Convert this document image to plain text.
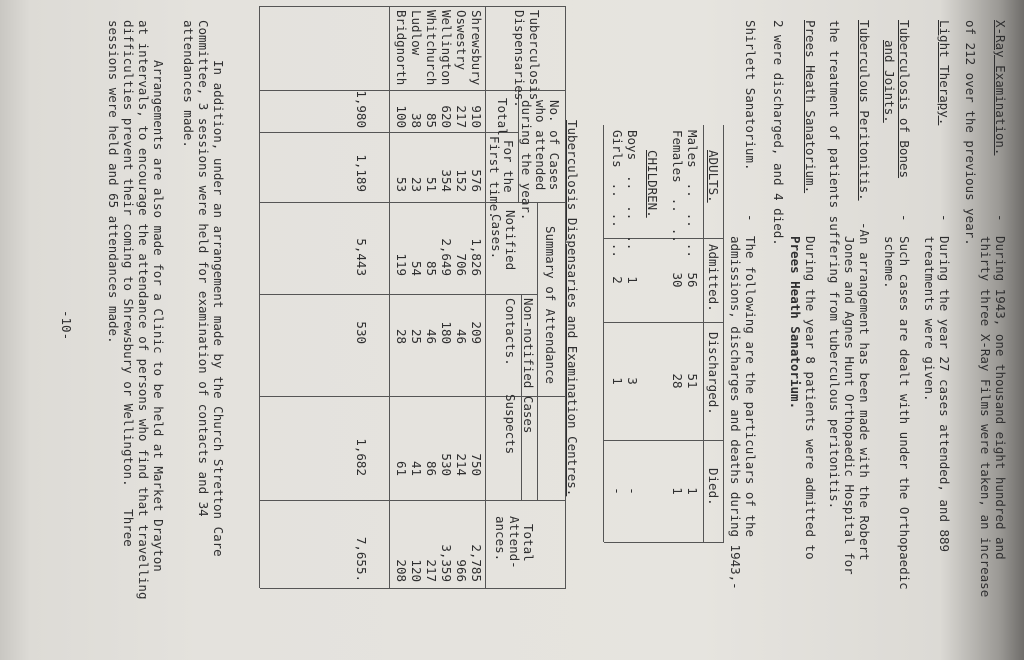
X-Ray Examination.
-
During 1943, one thousand eight hundred and
thirty three X-Ray Films were taken, an increase
of 212 over the previous year.
Light Therapy.
-
During the year 27 cases attended, and 889
treatments were given.
Tuberculosis of Bones
-
Such cases are dealt with under the Orthopaedic
and Joints.
scheme.
Tuberculous Peritonitis.
-An arrangement has been made with the Robert
Jones and Agnes Hunt Orthopaedic Hospital for
the treatment of patients suffering from tuberculous peritonitis.
Prees Heath Sanatorium.
During the year 8 patients were admitted to
Prees Heath Sanatorium.
2 were discharged, and 4 died.
Shirlett Sanatorium.
-
The following are the particulars of the
admissions, discharges and deaths during 1943,-
ADULTS.
Admitted.
Discharged.
Died.
Males  ..  ..  ..
56
51
1
Females  ..  ..
30
28
1
CHILDREN.
Boys  ..  ..  ..
1
3
-
Girls  ..  ..  ..
2
1
-
Tuberculosis Dispensaries and Examination Centres.
Tuberculosis
Dispensaries.
No. of Cases
who attended
during the year.
Total
For the
First time.
Summary of Attendance
Notified
Cases.
Non-notified Cases
Contacts.
Suspects
Total
Attend-
ances.
Shrewsbury
910
576
1,826
209
750
2,785
Oswestry
217
152
706
46
214
966
Wellington
620
354
2,649
180
530
3,359
Whitchurch
85
51
85
46
86
217
Ludlow
38
23
54
25
41
120
Bridgnorth
100
53
119
28
61
208
1,980
1,189
5,443
530
1,682
7,655.
In addition, under an arrangement made by the Church Stretton Care
Committee, 3 sessions were held for examination of contacts and 34
attendances made.
Arrangements are also made for a Clinic to be held at Market Drayton
at intervals, to encourage the attendance of persons who find that travelling
difficulties prevent their coming to Shrewsbury or Wellington.   Three
sessions were held and 65 attendances made.
-10-
